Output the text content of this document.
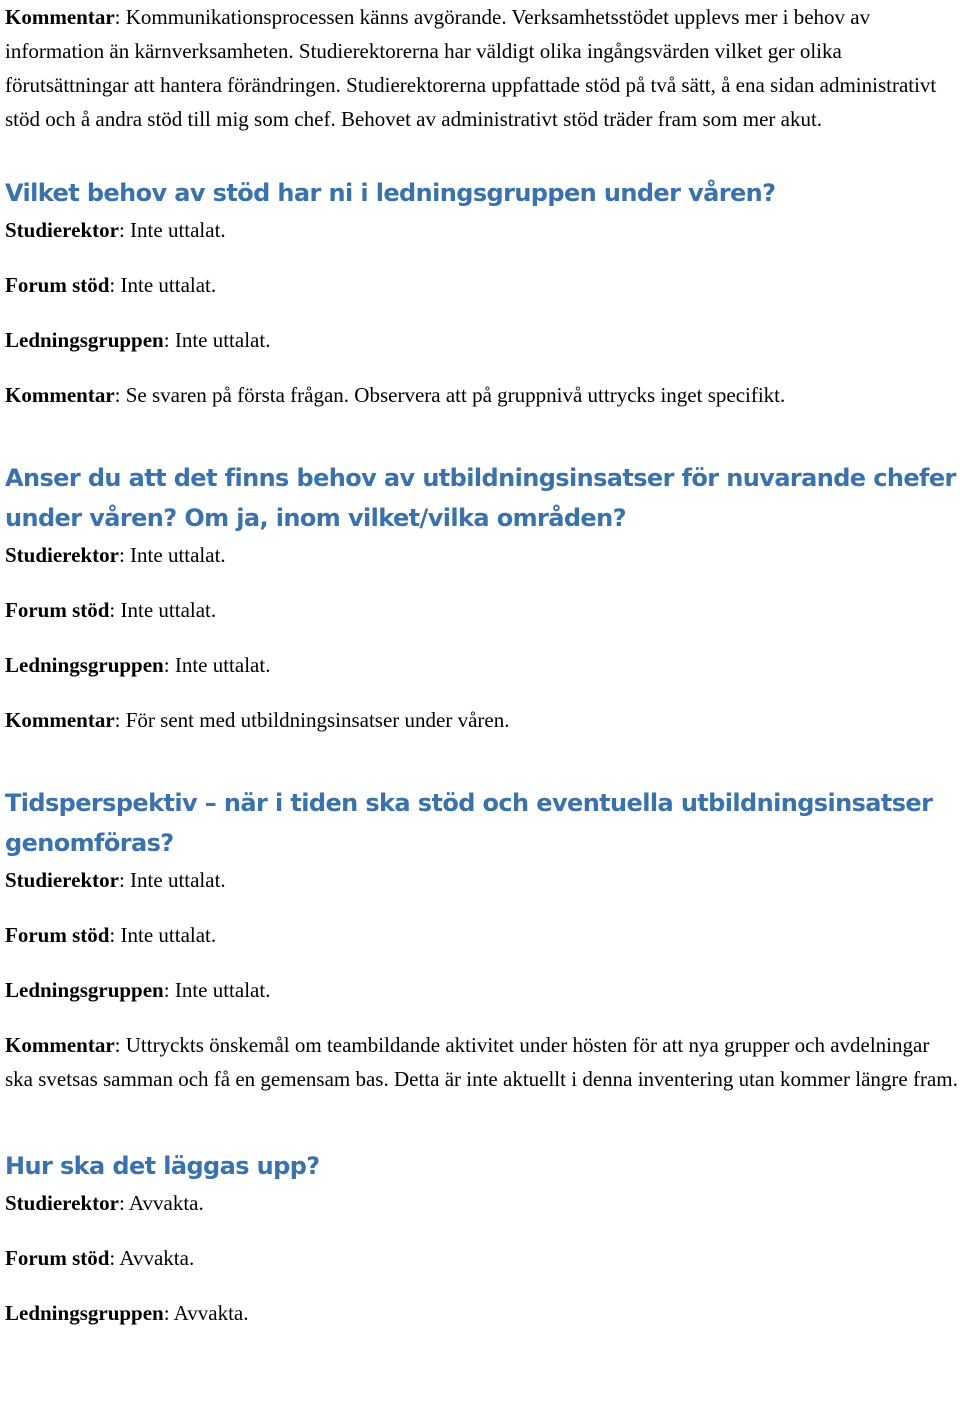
Kommentar: Kommunikationsprocessen känns avgörande. Verksamhetsstödet upplevs mer i behov av information än kärnverksamheten. Studierektorerna har väldigt olika ingångsvärden vilket ger olika förutsättningar att hantera förändringen. Studierektorerna uppfattade stöd på två sätt, å ena sidan administrativt stöd och å andra stöd till mig som chef. Behovet av administrativt stöd träder fram som mer akut.

Vilket behov av stöd har ni i ledningsgruppen under våren?

Studierektor: Inte uttalat.

Forum stöd: Inte uttalat.

Ledningsgruppen: Inte uttalat.

Kommentar: Se svaren på första frågan. Observera att på gruppnivå uttrycks inget specifikt.

Anser du att det finns behov av utbildningsinsatser för nuvarande chefer under våren? Om ja, inom vilket/vilka områden?

Studierektor: Inte uttalat.

Forum stöd: Inte uttalat.

Ledningsgruppen: Inte uttalat.

Kommentar: För sent med utbildningsinsatser under våren.

Tidsperspektiv – när i tiden ska stöd och eventuella utbildningsinsatser genomföras?

Studierektor: Inte uttalat.

Forum stöd: Inte uttalat.

Ledningsgruppen: Inte uttalat.

Kommentar: Uttryckts önskemål om teambildande aktivitet under hösten för att nya grupper och avdelningar ska svetsas samman och få en gemensam bas. Detta är inte aktuellt i denna inventering utan kommer längre fram.

Hur ska det läggas upp?

Studierektor: Avvakta.

Forum stöd: Avvakta.

Ledningsgruppen: Avvakta.
